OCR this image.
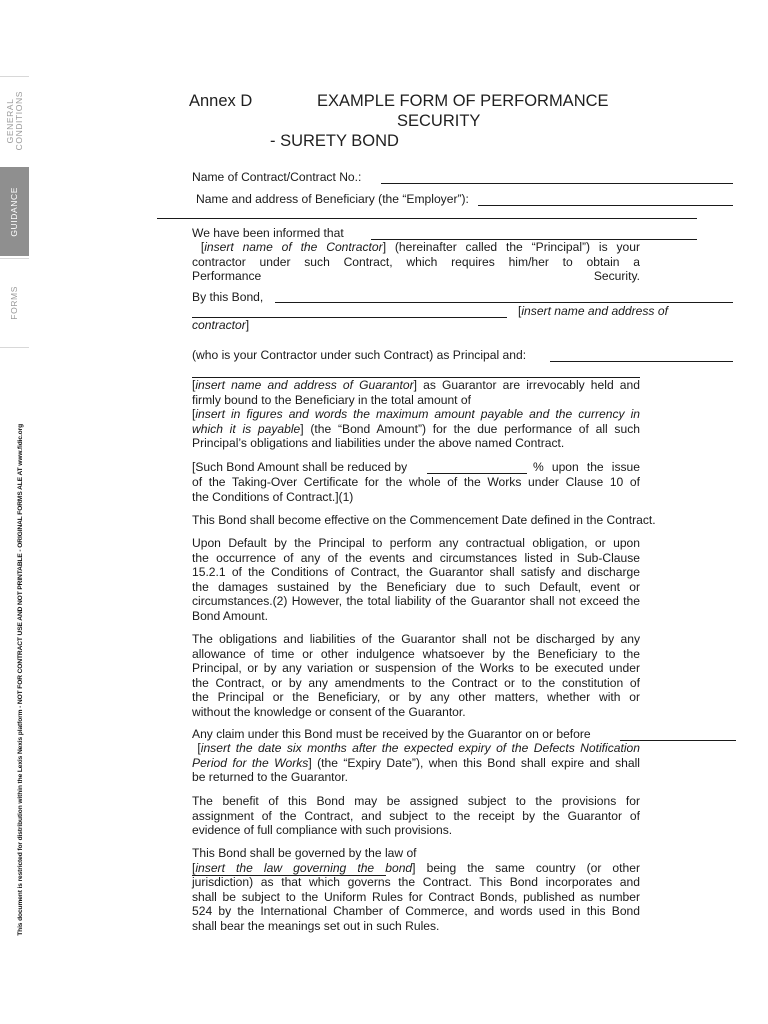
GENERAL
CONDITIONS
GUIDANCE
FORMS
This document is restricted for distribution within the Lexis Nexis platform - NOT FOR CONTRACT USE AND NOT PRINTABLE - ORIGINAL FORMS ALE AT www.fidic.org
Annex D	EXAMPLE FORM OF PERFORMANCE
SECURITY
- SURETY BOND
Name of Contract/Contract No.:
Name and address of Beneficiary (the “Employer”):
We have been informed that
[insert name of the Contractor] (hereinafter called the “Principal”) is your
contractor under such Contract, which requires him/her to obtain a
Performance Security.
By this Bond,
[insert name and address of
contractor]
(who is your Contractor under such Contract) as Principal and:
[insert name and address of Guarantor] as Guarantor are irrevocably held and
firmly bound to the Beneficiary in the total amount of
[insert in figures and words the maximum amount payable and the currency in
which it is payable] (the “Bond Amount”) for the due performance of all such
Principal’s obligations and liabilities under the above named Contract.
[Such Bond Amount shall be reduced by	% upon the issue
of the Taking-Over Certificate for the whole of the Works under Clause 10 of
the Conditions of Contract.](1)
This Bond shall become effective on the Commencement Date defined in the Contract.
Upon Default by the Principal to perform any contractual obligation, or upon
the occurrence of any of the events and circumstances listed in Sub-Clause
15.2.1 of the Conditions of Contract, the Guarantor shall satisfy and discharge
the damages sustained by the Beneficiary due to such Default, event or
circumstances.(2) However, the total liability of the Guarantor shall not exceed the
Bond Amount.
The obligations and liabilities of the Guarantor shall not be discharged by any
allowance of time or other indulgence whatsoever by the Beneficiary to the
Principal, or by any variation or suspension of the Works to be executed under
the Contract, or by any amendments to the Contract or to the constitution of
the Principal or the Beneficiary, or by any other matters, whether with or
without the knowledge or consent of the Guarantor.
Any claim under this Bond must be received by the Guarantor on or before
[insert the date six months after the expected expiry of the Defects Notification
Period for the Works] (the “Expiry Date”), when this Bond shall expire and shall
be returned to the Guarantor.
The benefit of this Bond may be assigned subject to the provisions for
assignment of the Contract, and subject to the receipt by the Guarantor of
evidence of full compliance with such provisions.
This Bond shall be governed by the law of
[insert the law governing the bond] being the same country (or other
jurisdiction) as that which governs the Contract. This Bond incorporates and
shall be subject to the Uniform Rules for Contract Bonds, published as number
524 by the International Chamber of Commerce, and words used in this Bond
shall bear the meanings set out in such Rules.
